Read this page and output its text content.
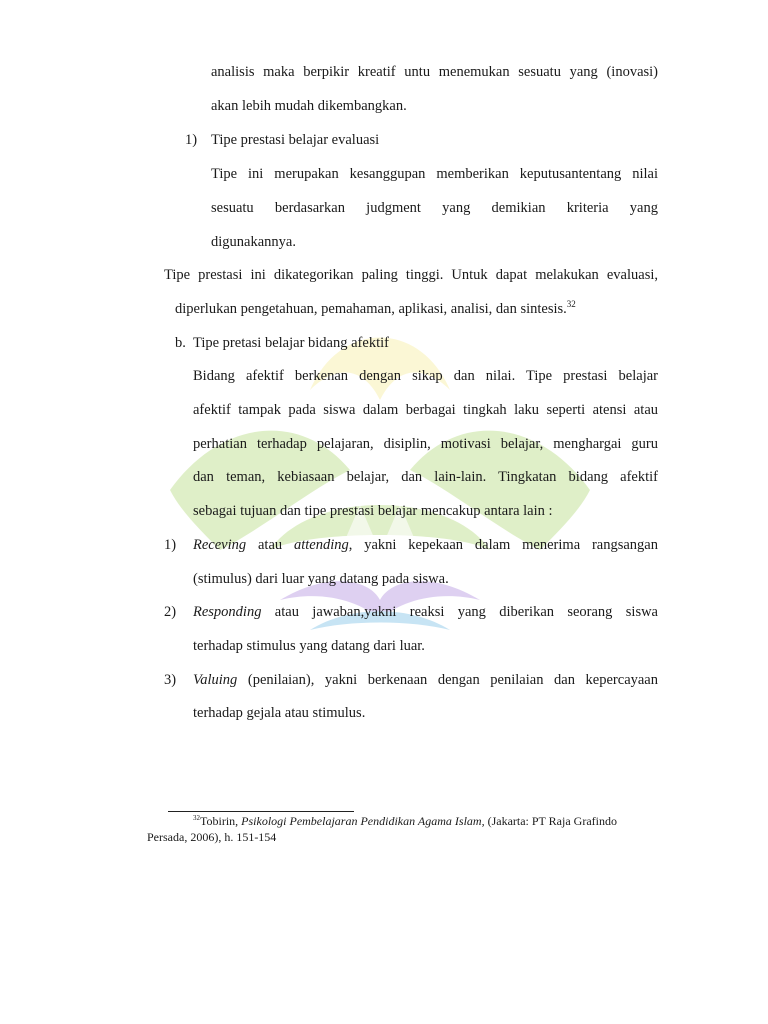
analisis maka berpikir kreatif untu menemukan sesuatu yang (inovasi)
akan lebih mudah dikembangkan.
1) Tipe prestasi belajar evaluasi
Tipe ini merupakan kesanggupan memberikan keputusantentang nilai
sesuatu berdasarkan judgment yang demikian kriteria yang
digunakannya.
Tipe prestasi ini dikategorikan paling tinggi. Untuk dapat melakukan evaluasi,
diperlukan pengetahuan, pemahaman, aplikasi, analisi, dan sintesis.$^{32}$
b. Tipe pretasi belajar bidang afektif
Bidang afektif berkenan dengan sikap dan nilai. Tipe prestasi belajar
afektif tampak pada siswa dalam berbagai tingkah laku seperti atensi atau
perhatian terhadap pelajaran, disiplin, motivasi belajar, menghargai guru
dan teman, kebiasaan belajar, dan lain-lain. Tingkatan bidang afektif
sebagai tujuan dan tipe prestasi belajar mencakup antara lain :
1) Receving atau attending, yakni kepekaan dalam menerima rangsangan
(stimulus) dari luar yang datang pada siswa.
2) Responding atau jawaban,yakni reaksi yang diberikan seorang siswa
terhadap stimulus yang datang dari luar.
3) Valuing (penilaian), yakni berkenaan dengan penilaian dan kepercayaan
terhadap gejala atau stimulus.
$^{32}$Tobirin, Psikologi Pembelajaran Pendidikan Agama Islam, (Jakarta: PT Raja Grafindo
Persada, 2006), h. 151-154
